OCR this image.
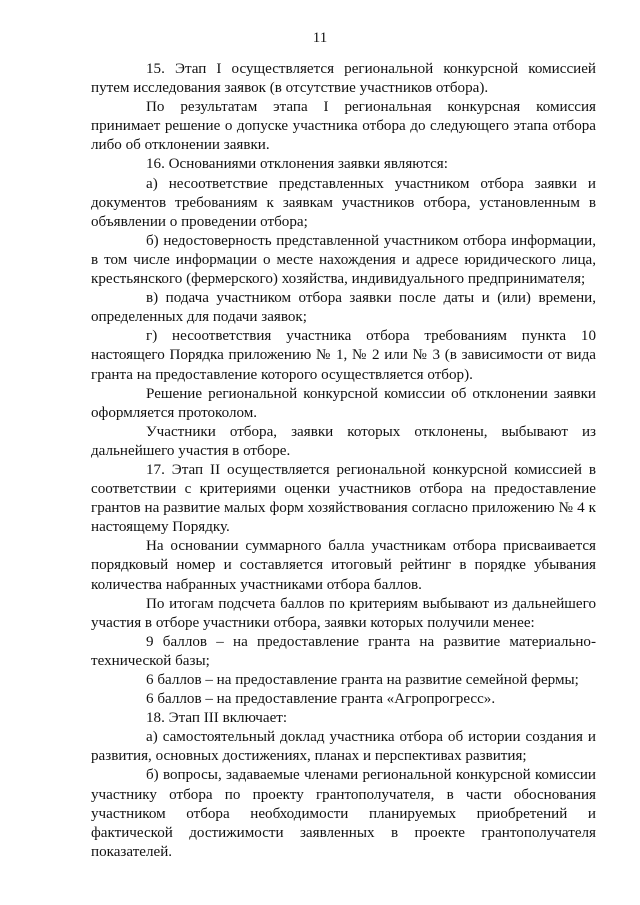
11

15. Этап I осуществляется региональной конкурсной комиссией путем исследования заявок (в отсутствие участников отбора).

По результатам этапа I региональная конкурсная комиссия принимает решение о допуске участника отбора до следующего этапа отбора либо об отклонении заявки.

16. Основаниями отклонения заявки являются:

а) несоответствие представленных участником отбора заявки и документов требованиям к заявкам участников отбора, установленным в объявлении о проведении отбора;

б) недостоверность представленной участником отбора информации, в том числе информации о месте нахождения и адресе юридического лица, крестьянского (фермерского) хозяйства, индивидуального предпринимателя;

в) подача участником отбора заявки после даты и (или) времени, определенных для подачи заявок;

г) несоответствия участника отбора требованиям пункта 10 настоящего Порядка приложению № 1, № 2 или № 3 (в зависимости от вида гранта на предоставление которого осуществляется отбор).

Решение региональной конкурсной комиссии об отклонении заявки оформляется протоколом.

Участники отбора, заявки которых отклонены, выбывают из дальнейшего участия в отборе.

17. Этап II осуществляется региональной конкурсной комиссией в соответствии с критериями оценки участников отбора на предоставление грантов на развитие малых форм хозяйствования согласно приложению № 4 к настоящему Порядку.

На основании суммарного балла участникам отбора присваивается порядковый номер и составляется итоговый рейтинг в порядке убывания количества набранных участниками отбора баллов.

По итогам подсчета баллов по критериям выбывают из дальнейшего участия в отборе участники отбора, заявки которых получили менее:

9 баллов – на предоставление гранта на развитие материально-технической базы;

6 баллов – на предоставление гранта на развитие семейной фермы;

6 баллов – на предоставление гранта «Агропрогресс».

18. Этап III включает:

а) самостоятельный доклад участника отбора об истории создания и развития, основных достижениях, планах и перспективах развития;

б) вопросы, задаваемые членами региональной конкурсной комиссии участнику отбора по проекту грантополучателя, в части обоснования участником отбора необходимости планируемых приобретений и фактической достижимости заявленных в проекте грантополучателя показателей.
